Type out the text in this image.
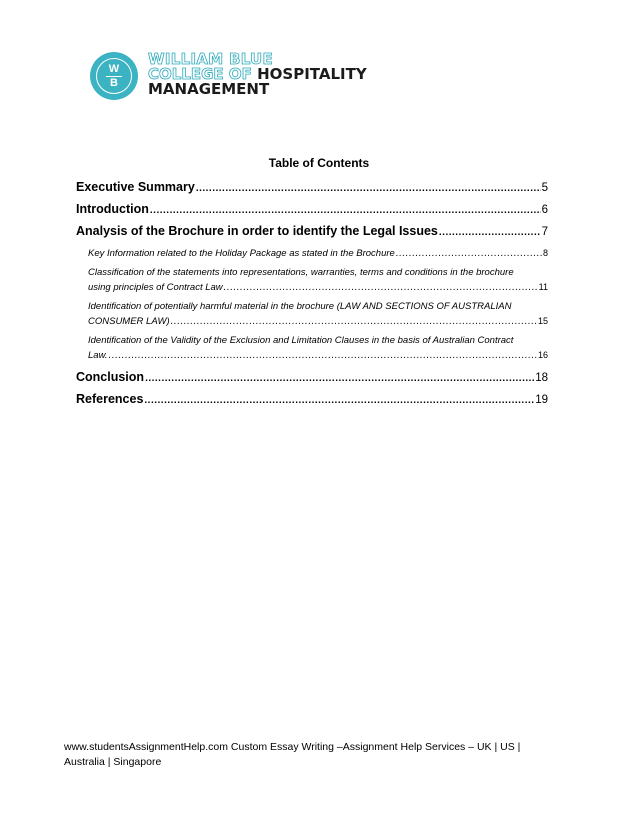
W
B
WILLIAM BLUE
COLLEGE OF HOSPITALITY
MANAGEMENT
Table of Contents
Executive Summary .....	5
Introduction .....	6
Analysis of the Brochure in order to identify the Legal Issues .....	7
Key Information related to the Holiday Package as stated in the Brochure .....	8
Classification of the statements into representations, warranties, terms and conditions in the brochure
using principles of Contract Law .....	11
Identification of potentially harmful material in the brochure (LAW AND SECTIONS OF AUSTRALIAN
CONSUMER LAW) .....	15
Identification of the Validity of the Exclusion and Limitation Clauses in the basis of Australian Contract
Law. .....	16
Conclusion .....	18
References .....	19
www.studentsAssignmentHelp.com Custom Essay Writing –Assignment Help Services – UK | US |
Australia | Singapore
